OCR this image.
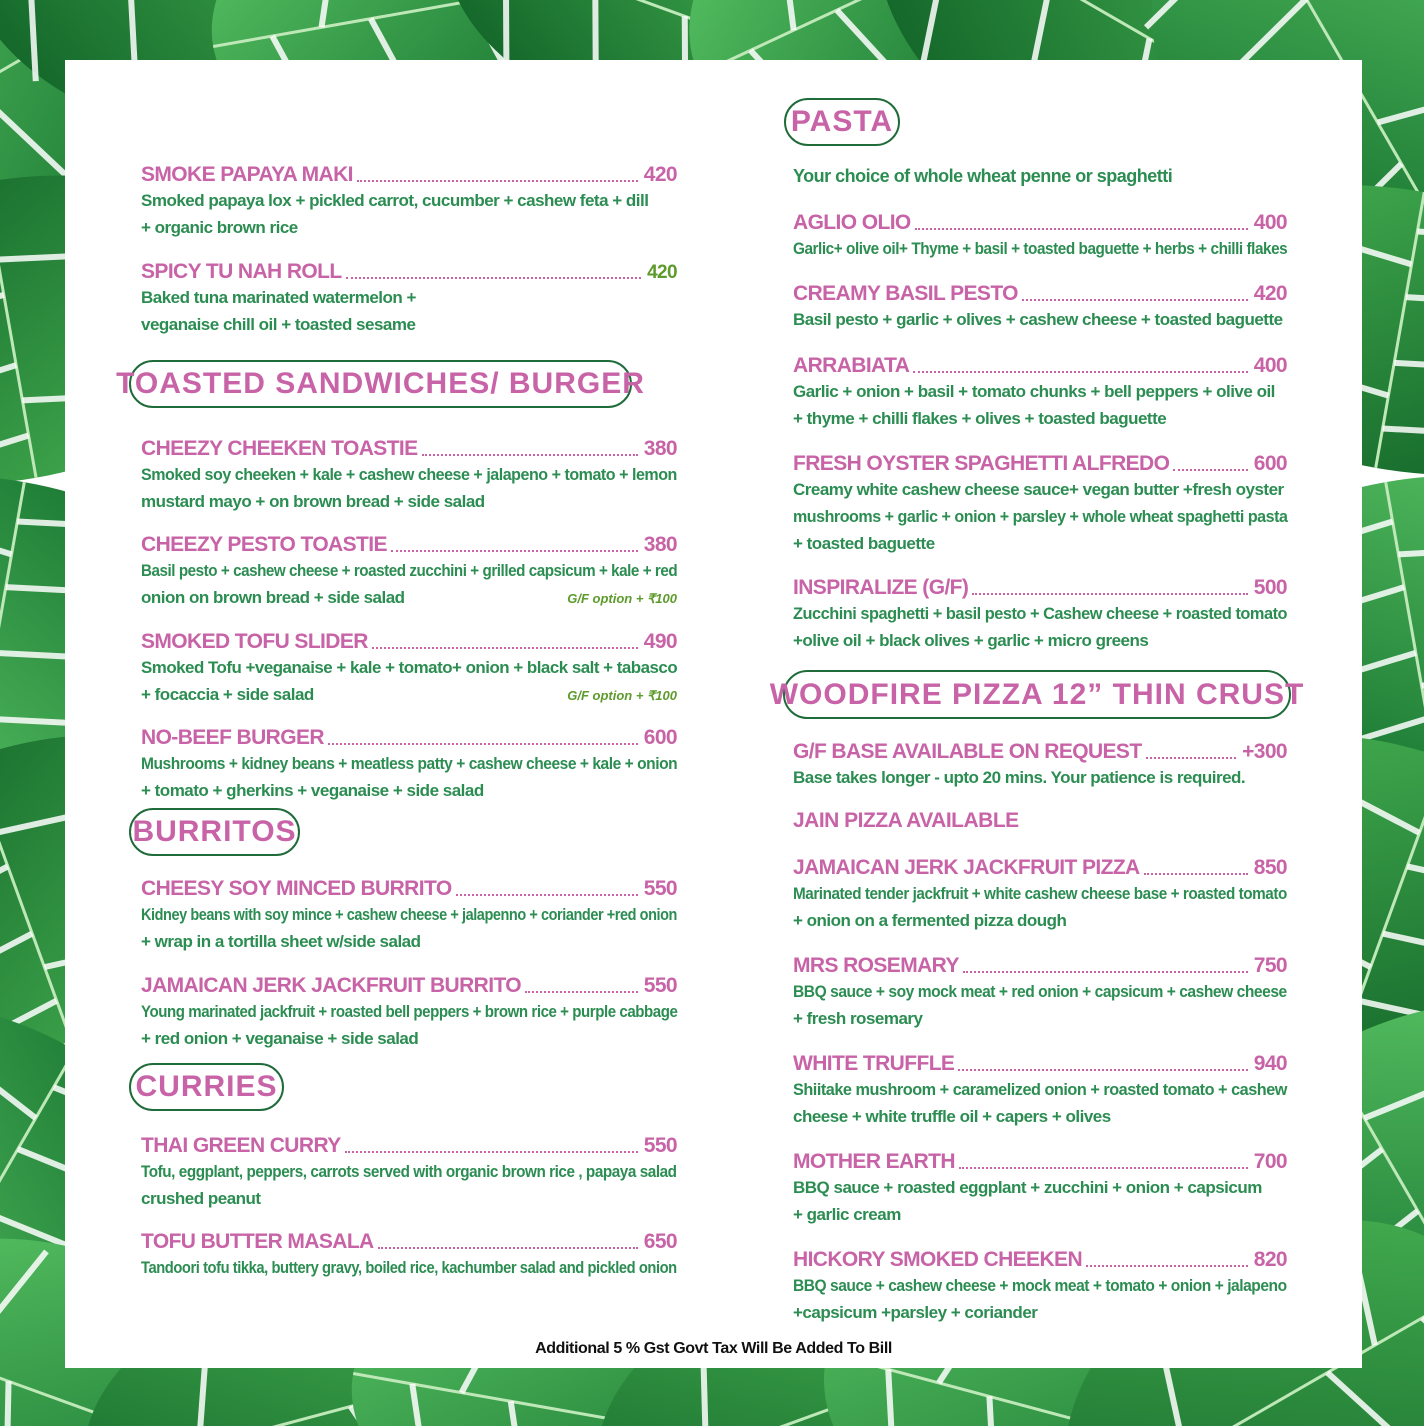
SMOKE PAPAYA MAKI	420
Smoked papaya lox + pickled carrot, cucumber + cashew feta + dill
+ organic brown rice
SPICY TU NAH ROLL	420
Baked tuna marinated watermelon +
veganaise chill oil + toasted sesame
TOASTED SANDWICHES/ BURGER
CHEEZY CHEEKEN TOASTIE	380
Smoked soy cheeken + kale + cashew cheese + jalapeno + tomato + lemon
mustard mayo + on brown bread + side salad
CHEEZY PESTO TOASTIE	380
Basil pesto + cashew cheese + roasted zucchini + grilled capsicum + kale + red
onion on brown bread + side salad	G/F option + ₹100
SMOKED TOFU SLIDER	490
Smoked Tofu +veganaise + kale + tomato+ onion + black salt + tabasco
+ focaccia + side salad	G/F option + ₹100
NO-BEEF BURGER	600
Mushrooms + kidney beans + meatless patty + cashew cheese + kale + onion
+ tomato + gherkins + veganaise + side salad
BURRITOS
CHEESY SOY MINCED BURRITO	550
Kidney beans with soy mince + cashew cheese + jalapenno + coriander +red onion
+ wrap in a tortilla sheet w/side salad
JAMAICAN JERK JACKFRUIT BURRITO	550
Young marinated jackfruit + roasted bell peppers + brown rice + purple cabbage
+ red onion + veganaise + side salad
CURRIES
THAI GREEN CURRY	550
Tofu, eggplant, peppers, carrots served with organic brown rice , papaya salad
crushed peanut
TOFU BUTTER MASALA	650
Tandoori tofu tikka, buttery gravy, boiled rice, kachumber salad and pickled onion
PASTA
Your choice of whole wheat penne or spaghetti
AGLIO OLIO	400
Garlic+ olive oil+ Thyme + basil + toasted baguette + herbs + chilli flakes
CREAMY BASIL PESTO	420
Basil pesto + garlic + olives + cashew cheese + toasted baguette
ARRABIATA	400
Garlic + onion + basil + tomato chunks + bell peppers + olive oil
+ thyme + chilli flakes + olives + toasted baguette
FRESH OYSTER SPAGHETTI ALFREDO	600
Creamy white cashew cheese sauce+ vegan butter +fresh oyster
mushrooms + garlic + onion + parsley + whole wheat spaghetti pasta
+ toasted baguette
INSPIRALIZE (G/F)	500
Zucchini spaghetti + basil pesto + Cashew cheese + roasted tomato
+olive oil + black olives + garlic + micro greens
WOODFIRE PIZZA 12” THIN CRUST
G/F BASE AVAILABLE ON REQUEST	+300
Base takes longer - upto 20 mins. Your patience is required.
JAIN PIZZA AVAILABLE
JAMAICAN JERK JACKFRUIT PIZZA	850
Marinated tender jackfruit + white cashew cheese base + roasted tomato
+ onion on a fermented pizza dough
MRS ROSEMARY	750
BBQ sauce + soy mock meat + red onion + capsicum + cashew cheese
+ fresh rosemary
WHITE TRUFFLE	940
Shiitake mushroom + caramelized onion + roasted tomato + cashew
cheese + white truffle oil + capers + olives
MOTHER EARTH	700
BBQ sauce + roasted eggplant + zucchini + onion + capsicum
+ garlic cream
HICKORY SMOKED CHEEKEN	820
BBQ sauce + cashew cheese + mock meat + tomato + onion + jalapeno
+capsicum +parsley + coriander
Additional 5 % Gst Govt Tax Will Be Added To Bill
